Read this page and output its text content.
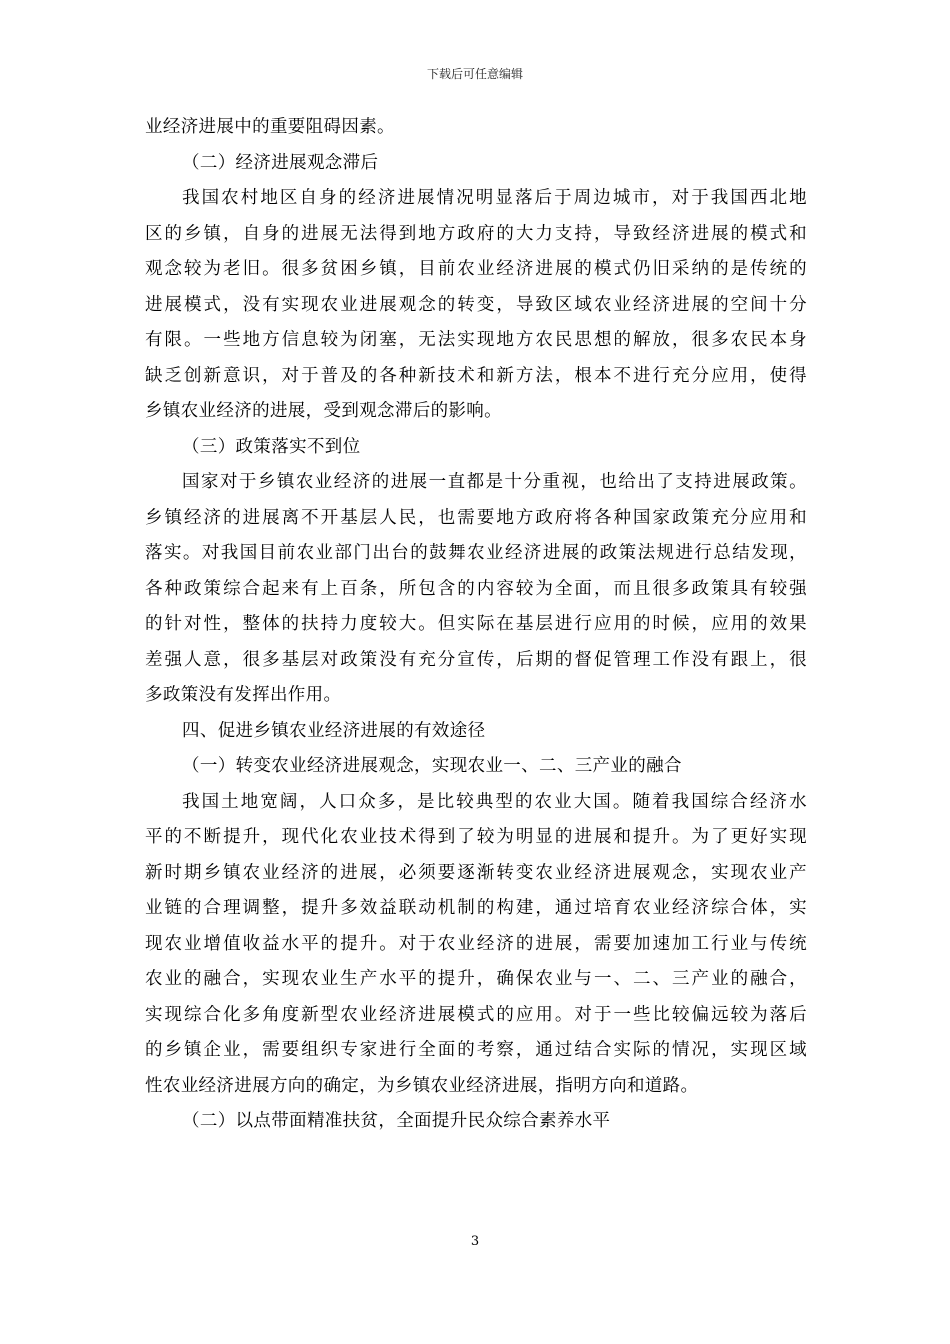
下载后可任意编辑
业经济进展中的重要阻碍因素。
（二）经济进展观念滞后
我国农村地区自身的经济进展情况明显落后于周边城市，对于我国西北地
区的乡镇，自身的进展无法得到地方政府的大力支持，导致经济进展的模式和
观念较为老旧。很多贫困乡镇，目前农业经济进展的模式仍旧采纳的是传统的
进展模式，没有实现农业进展观念的转变，导致区域农业经济进展的空间十分
有限。一些地方信息较为闭塞，无法实现地方农民思想的解放，很多农民本身
缺乏创新意识，对于普及的各种新技术和新方法，根本不进行充分应用，使得
乡镇农业经济的进展，受到观念滞后的影响。
（三）政策落实不到位
国家对于乡镇农业经济的进展一直都是十分重视，也给出了支持进展政策。
乡镇经济的进展离不开基层人民，也需要地方政府将各种国家政策充分应用和
落实。对我国目前农业部门出台的鼓舞农业经济进展的政策法规进行总结发现，
各种政策综合起来有上百条，所包含的内容较为全面，而且很多政策具有较强
的针对性，整体的扶持力度较大。但实际在基层进行应用的时候，应用的效果
差强人意，很多基层对政策没有充分宣传，后期的督促管理工作没有跟上，很
多政策没有发挥出作用。
四、促进乡镇农业经济进展的有效途径
（一）转变农业经济进展观念，实现农业一、二、三产业的融合
我国土地宽阔，人口众多，是比较典型的农业大国。随着我国综合经济水
平的不断提升，现代化农业技术得到了较为明显的进展和提升。为了更好实现
新时期乡镇农业经济的进展，必须要逐渐转变农业经济进展观念，实现农业产
业链的合理调整，提升多效益联动机制的构建，通过培育农业经济综合体，实
现农业增值收益水平的提升。对于农业经济的进展，需要加速加工行业与传统
农业的融合，实现农业生产水平的提升，确保农业与一、二、三产业的融合，
实现综合化多角度新型农业经济进展模式的应用。对于一些比较偏远较为落后
的乡镇企业，需要组织专家进行全面的考察，通过结合实际的情况，实现区域
性农业经济进展方向的确定，为乡镇农业经济进展，指明方向和道路。
（二）以点带面精准扶贫，全面提升民众综合素养水平
3
